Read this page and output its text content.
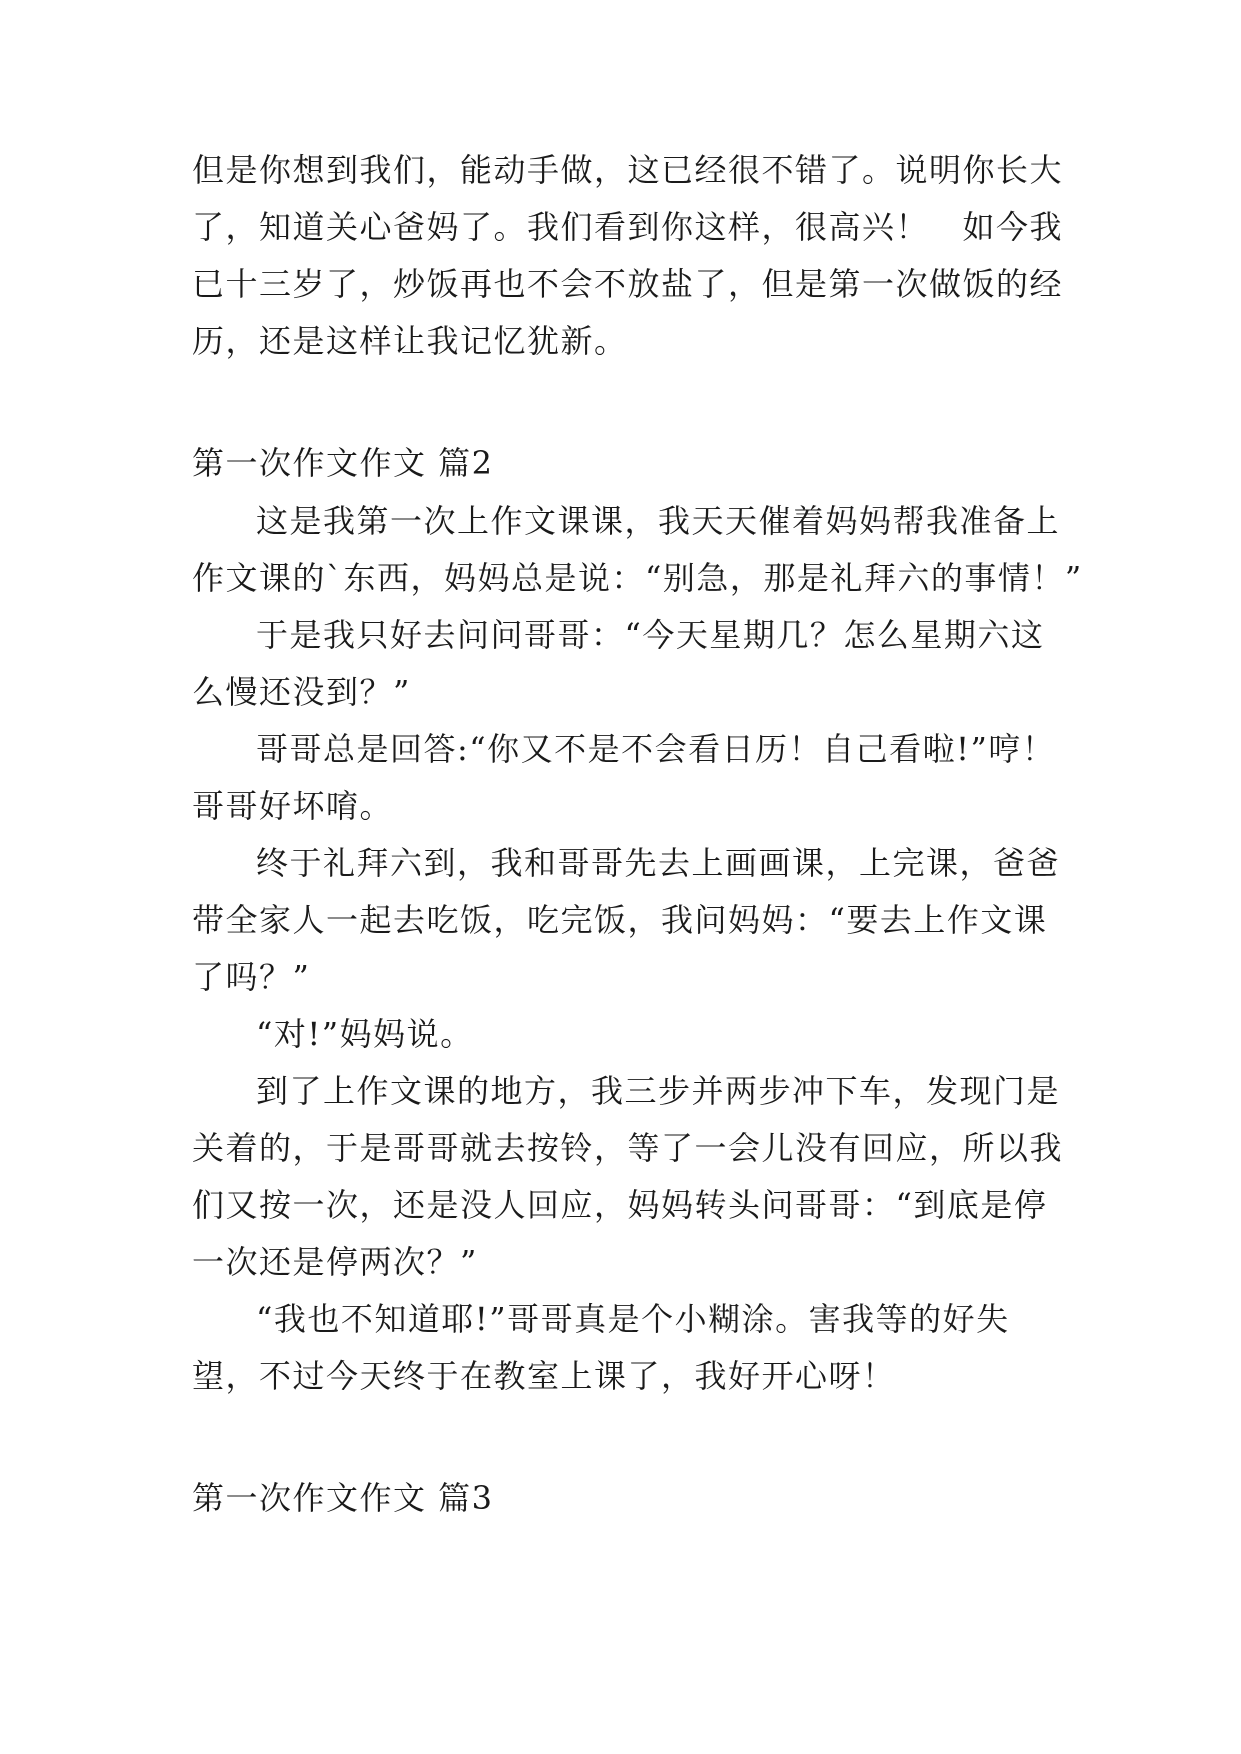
但是你想到我们，能动手做，这已经很不错了。说明你长大

了，知道关心爸妈了。我们看到你这样，很高兴！　如今我

已十三岁了，炒饭再也不会不放盐了，但是第一次做饭的经

历，还是这样让我记忆犹新。

第一次作文作文 篇2

这是我第一次上作文课课，我天天催着妈妈帮我准备上

作文课的`东西，妈妈总是说：“别急，那是礼拜六的事情！”

于是我只好去问问哥哥：“今天星期几？怎么星期六这

么慢还没到？”

哥哥总是回答:“你又不是不会看日历！自己看啦!”哼！

哥哥好坏唷。

终于礼拜六到，我和哥哥先去上画画课，上完课，爸爸

带全家人一起去吃饭，吃完饭，我问妈妈：“要去上作文课

了吗？”

“对!”妈妈说。

到了上作文课的地方，我三步并两步冲下车，发现门是

关着的，于是哥哥就去按铃，等了一会儿没有回应，所以我

们又按一次，还是没人回应，妈妈转头问哥哥：“到底是停

一次还是停两次？”

“我也不知道耶!”哥哥真是个小糊涂。害我等的好失

望，不过今天终于在教室上课了，我好开心呀！

第一次作文作文 篇3
